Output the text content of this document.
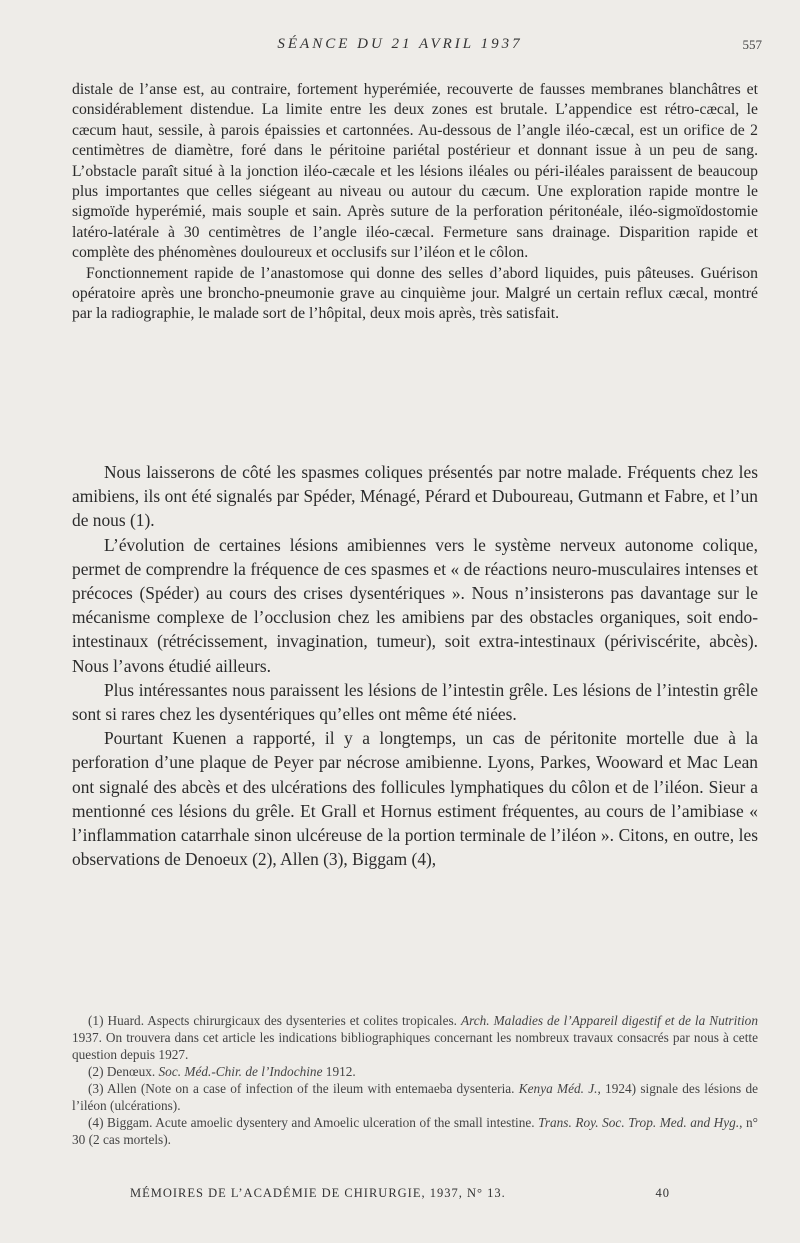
SÉANCE DU 21 AVRIL 1937	557

distale de l’anse est, au contraire, fortement hyperémiée, recouverte de fausses membranes blanchâtres et considérablement distendue. La limite entre les deux zones est brutale. L’appendice est rétro-cæcal, le cæcum haut, sessile, à parois épaissies et cartonnées. Au-dessous de l’angle iléo-cæcal, est un orifice de 2 centimètres de diamètre, foré dans le péritoine pariétal postérieur et donnant issue à un peu de sang. L’obstacle paraît situé à la jonction iléo-cæcale et les lésions iléales ou péri-iléales paraissent de beaucoup plus importantes que celles siégeant au niveau ou autour du cæcum. Une exploration rapide montre le sigmoïde hyperémié, mais souple et sain. Après suture de la perforation péritonéale, iléo-sigmoïdostomie latéro-latérale à 30 centimètres de l’angle iléo-cæcal. Fermeture sans drainage. Disparition rapide et complète des phénomènes douloureux et occlusifs sur l’iléon et le côlon.

Fonctionnement rapide de l’anastomose qui donne des selles d’abord liquides, puis pâteuses. Guérison opératoire après une broncho-pneumonie grave au cinquième jour. Malgré un certain reflux cæcal, montré par la radiographie, le malade sort de l’hôpital, deux mois après, très satisfait.

Nous laisserons de côté les spasmes coliques présentés par notre malade. Fréquents chez les amibiens, ils ont été signalés par Spéder, Ménagé, Pérard et Duboureau, Gutmann et Fabre, et l’un de nous (1).

L’évolution de certaines lésions amibiennes vers le système nerveux autonome colique, permet de comprendre la fréquence de ces spasmes et « de réactions neuro-musculaires intenses et précoces (Spéder) au cours des crises dysentériques ». Nous n’insisterons pas davantage sur le mécanisme complexe de l’occlusion chez les amibiens par des obstacles organiques, soit endo-intestinaux (rétrécissement, invagination, tumeur), soit extra-intestinaux (périviscérite, abcès). Nous l’avons étudié ailleurs.

Plus intéressantes nous paraissent les lésions de l’intestin grêle. Les lésions de l’intestin grêle sont si rares chez les dysentériques qu’elles ont même été niées.

Pourtant Kuenen a rapporté, il y a longtemps, un cas de péritonite mortelle due à la perforation d’une plaque de Peyer par nécrose amibienne. Lyons, Parkes, Wooward et Mac Lean ont signalé des abcès et des ulcérations des follicules lymphatiques du côlon et de l’iléon. Sieur a mentionné ces lésions du grêle. Et Grall et Hornus estiment fréquentes, au cours de l’amibiase « l’inflammation catarrhale sinon ulcéreuse de la portion terminale de l’iléon ». Citons, en outre, les observations de Denoeux (2), Allen (3), Biggam (4),

(1) Huard. Aspects chirurgicaux des dysenteries et colites tropicales. Arch. Maladies de l’Appareil digestif et de la Nutrition 1937. On trouvera dans cet article les indications bibliographiques concernant les nombreux travaux consacrés par nous à cette question depuis 1927.

(2) Denœux. Soc. Méd.-Chir. de l’Indochine 1912.

(3) Allen (Note on a case of infection of the ileum with entemaeba dysenteria. Kenya Méd. J., 1924) signale des lésions de l’iléon (ulcérations).

(4) Biggam. Acute amoelic dysentery and Amoelic ulceration of the small intestine. Trans. Roy. Soc. Trop. Med. and Hyg., n° 30 (2 cas mortels).

MÉMOIRES DE L’ACADÉMIE DE CHIRURGIE, 1937, N° 13.	40
